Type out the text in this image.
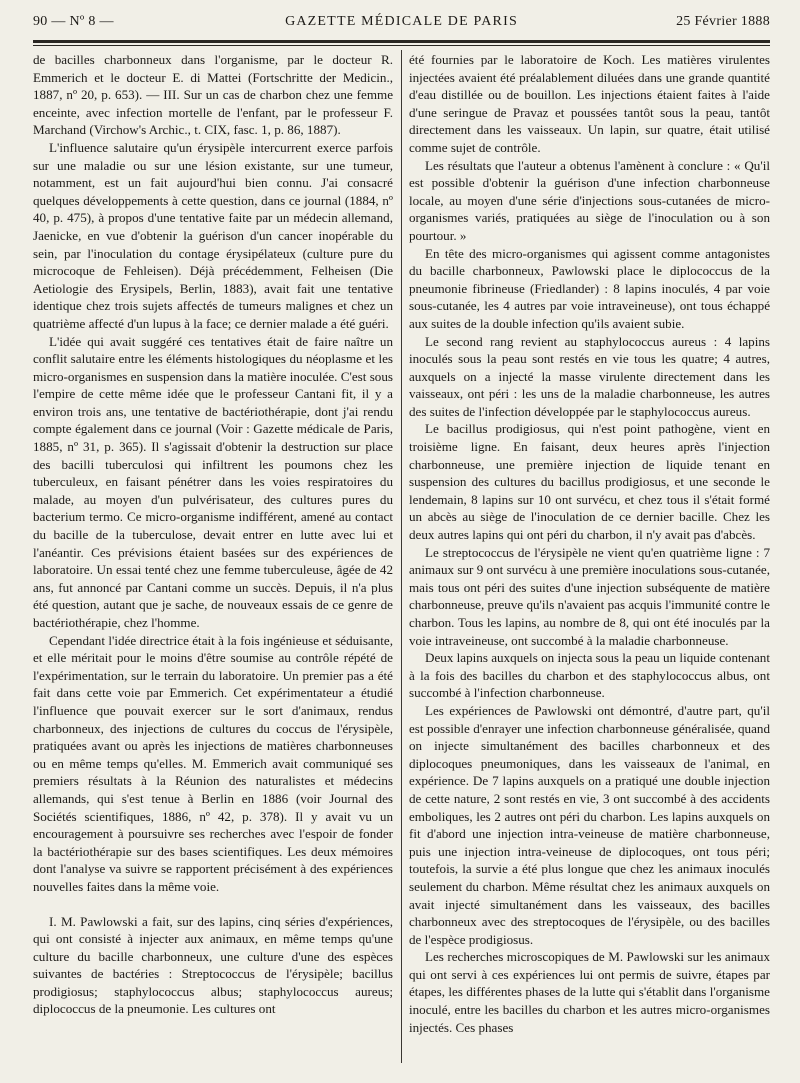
90 — Nº 8 —	GAZETTE MÉDICALE DE PARIS	25 Février 1888

de bacilles charbonneux dans l'organisme, par le docteur R. Emmerich et le docteur E. di Mattei (Fortschritte der Medicin., 1887, nº 20, p. 653). — III. Sur un cas de charbon chez une femme enceinte, avec infection mortelle de l'enfant, par le professeur F. Marchand (Virchow's Archic., t. CIX, fasc. 1, p. 86, 1887).

L'influence salutaire qu'un érysipèle intercurrent exerce parfois sur une maladie ou sur une lésion existante, sur une tumeur, notamment, est un fait aujourd'hui bien connu. J'ai consacré quelques développements à cette question, dans ce journal (1884, nº 40, p. 475), à propos d'une tentative faite par un médecin allemand, Jaenicke, en vue d'obtenir la guérison d'un cancer inopérable du sein, par l'inoculation du contage érysipélateux (culture pure du microcoque de Fehleisen). Déjà précédemment, Felheisen (Die Aetiologie des Erysipels, Berlin, 1883), avait fait une tentative identique chez trois sujets affectés de tumeurs malignes et chez un quatrième affecté d'un lupus à la face; ce dernier malade a été guéri.

L'idée qui avait suggéré ces tentatives était de faire naître un conflit salutaire entre les éléments histologiques du néoplasme et les micro-organismes en suspension dans la matière inoculée. C'est sous l'empire de cette même idée que le professeur Cantani fit, il y a environ trois ans, une tentative de bactériothérapie, dont j'ai rendu compte également dans ce journal (Voir : Gazette médicale de Paris, 1885, nº 31, p. 365). Il s'agissait d'obtenir la destruction sur place des bacilli tuberculosi qui infiltrent les poumons chez les tuberculeux, en faisant pénétrer dans les voies respiratoires du malade, au moyen d'un pulvérisateur, des cultures pures du bacterium termo. Ce micro-organisme indifférent, amené au contact du bacille de la tuberculose, devait entrer en lutte avec lui et l'anéantir. Ces prévisions étaient basées sur des expériences de laboratoire. Un essai tenté chez une femme tuberculeuse, âgée de 42 ans, fut annoncé par Cantani comme un succès. Depuis, il n'a plus été question, autant que je sache, de nouveaux essais de ce genre de bactériothérapie, chez l'homme.

Cependant l'idée directrice était à la fois ingénieuse et séduisante, et elle méritait pour le moins d'être soumise au contrôle répété de l'expérimentation, sur le terrain du laboratoire. Un premier pas a été fait dans cette voie par Emmerich. Cet expérimentateur a étudié l'influence que pouvait exercer sur le sort d'animaux, rendus charbonneux, des injections de cultures du coccus de l'érysipèle, pratiquées avant ou après les injections de matières charbonneuses ou en même temps qu'elles. M. Emmerich avait communiqué ses premiers résultats à la Réunion des naturalistes et médecins allemands, qui s'est tenue à Berlin en 1886 (voir Journal des Sociétés scientifiques, 1886, nº 42, p. 378). Il y avait vu un encouragement à poursuivre ses recherches avec l'espoir de fonder la bactériothérapie sur des bases scientifiques. Les deux mémoires dont l'analyse va suivre se rapportent précisément à des expériences nouvelles faites dans la même voie.

I. M. Pawlowski a fait, sur des lapins, cinq séries d'expériences, qui ont consisté à injecter aux animaux, en même temps qu'une culture du bacille charbonneux, une culture d'une des espèces suivantes de bactéries : Streptococcus de l'érysipèle; bacillus prodigiosus; staphylococcus albus; staphylococcus aureus; diplococcus de la pneumonie. Les cultures ont

été fournies par le laboratoire de Koch. Les matières virulentes injectées avaient été préalablement diluées dans une grande quantité d'eau distillée ou de bouillon. Les injections étaient faites à l'aide d'une seringue de Pravaz et poussées tantôt sous la peau, tantôt directement dans les vaisseaux. Un lapin, sur quatre, était utilisé comme sujet de contrôle.

Les résultats que l'auteur a obtenus l'amènent à conclure : « Qu'il est possible d'obtenir la guérison d'une infection charbonneuse locale, au moyen d'une série d'injections sous-cutanées de micro-organismes variés, pratiquées au siège de l'inoculation ou à son pourtour. »

En tête des micro-organismes qui agissent comme antagonistes du bacille charbonneux, Pawlowski place le diplococcus de la pneumonie fibrineuse (Friedlander) : 8 lapins inoculés, 4 par voie sous-cutanée, les 4 autres par voie intraveineuse), ont tous échappé aux suites de la double infection qu'ils avaient subie.

Le second rang revient au staphylococcus aureus : 4 lapins inoculés sous la peau sont restés en vie tous les quatre; 4 autres, auxquels on a injecté la masse virulente directement dans les vaisseaux, ont péri : les uns de la maladie charbonneuse, les autres des suites de l'infection développée par le staphylococcus aureus.

Le bacillus prodigiosus, qui n'est point pathogène, vient en troisième ligne. En faisant, deux heures après l'injection charbonneuse, une première injection de liquide tenant en suspension des cultures du bacillus prodigiosus, et une seconde le lendemain, 8 lapins sur 10 ont survécu, et chez tous il s'était formé un abcès au siège de l'inoculation de ce dernier bacille. Chez les deux autres lapins qui ont péri du charbon, il n'y avait pas d'abcès.

Le streptococcus de l'érysipèle ne vient qu'en quatrième ligne : 7 animaux sur 9 ont survécu à une première inoculations sous-cutanée, mais tous ont péri des suites d'une injection subséquente de matière charbonneuse, preuve qu'ils n'avaient pas acquis l'immunité contre le charbon. Tous les lapins, au nombre de 8, qui ont été inoculés par la voie intraveineuse, ont succombé à la maladie charbonneuse.

Deux lapins auxquels on injecta sous la peau un liquide contenant à la fois des bacilles du charbon et des staphylococcus albus, ont succombé à l'infection charbonneuse.

Les expériences de Pawlowski ont démontré, d'autre part, qu'il est possible d'enrayer une infection charbonneuse généralisée, quand on injecte simultanément des bacilles charbonneux et des diplocoques pneumoniques, dans les vaisseaux de l'animal, en expérience. De 7 lapins auxquels on a pratiqué une double injection de cette nature, 2 sont restés en vie, 3 ont succombé à des accidents emboliques, les 2 autres ont péri du charbon. Les lapins auxquels on fit d'abord une injection intra-veineuse de matière charbonneuse, puis une injection intra-veineuse de diplocoques, ont tous péri; toutefois, la survie a été plus longue que chez les animaux inoculés seulement du charbon. Même résultat chez les animaux auxquels on avait injecté simultanément dans les vaisseaux, des bacilles charbonneux avec des streptocoques de l'érysipèle, ou des bacilles de l'espèce prodigiosus.

Les recherches microscopiques de M. Pawlowski sur les animaux qui ont servi à ces expériences lui ont permis de suivre, étapes par étapes, les différentes phases de la lutte qui s'établit dans l'organisme inoculé, entre les bacilles du charbon et les autres micro-organismes injectés. Ces phases
